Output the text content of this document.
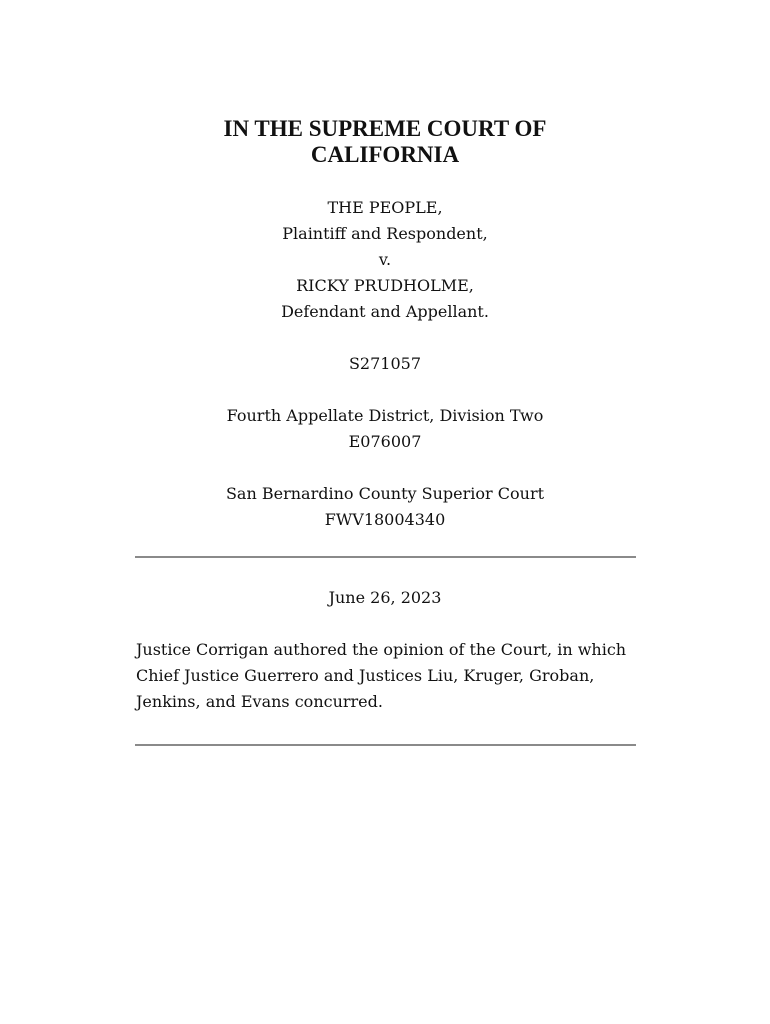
IN THE SUPREME COURT OF
CALIFORNIA
THE PEOPLE,
Plaintiff and Respondent,
v.
RICKY PRUDHOLME,
Defendant and Appellant.
S271057
Fourth Appellate District, Division Two
E076007
San Bernardino County Superior Court
FWV18004340
June 26, 2023
Justice Corrigan authored the opinion of the Court, in which
Chief Justice Guerrero and Justices Liu, Kruger, Groban,
Jenkins, and Evans concurred.
